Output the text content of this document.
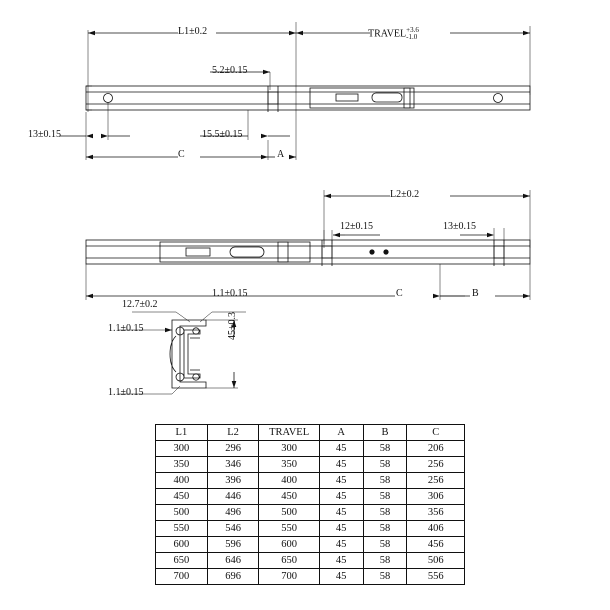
L1±0.2	TRAVEL+3.6
-1.0
5.2±0.15
13±0.15	15.5±0.15
C	A
L2±0.2
12±0.15	13±0.15
C	B
12.7±0.2
1.1±0.15
1.1±0.15
1.1±0.15
45±0.3
L1	L2	TRAVEL	A	B	C
300	296	300	45	58	206
350	346	350	45	58	256
400	396	400	45	58	256
450	446	450	45	58	306
500	496	500	45	58	356
550	546	550	45	58	406
600	596	600	45	58	456
650	646	650	45	58	506
700	696	700	45	58	556
